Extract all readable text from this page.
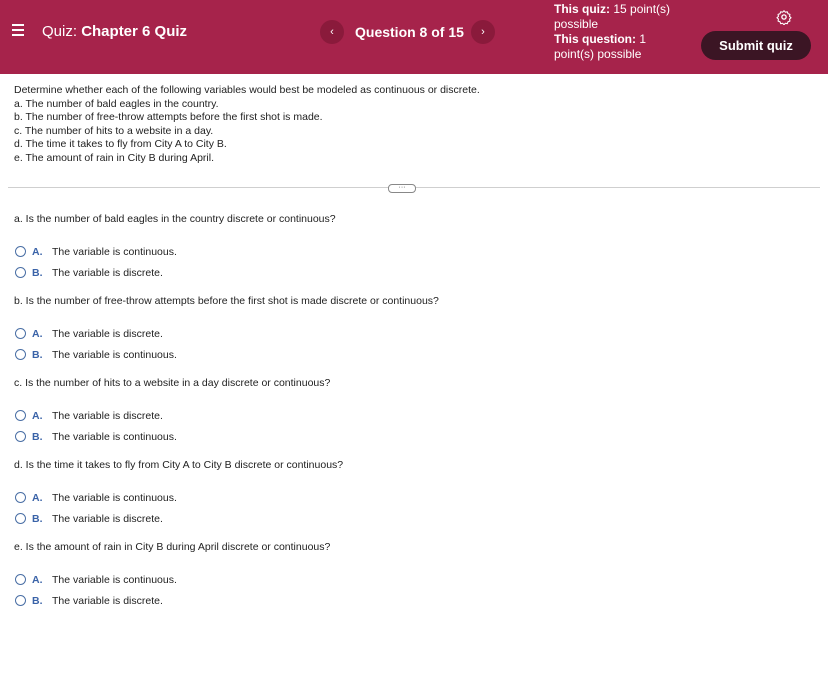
Quiz: Chapter 6 Quiz	‹	Question 8 of 15	›
This quiz: 15 point(s) possible
This question: 1 point(s) possible
Submit quiz
Determine whether each of the following variables would best be modeled as continuous or discrete.
a. The number of bald eagles in the country.
b. The number of free-throw attempts before the first shot is made.
c. The number of hits to a website in a day.
d. The time it takes to fly from City A to City B.
e. The amount of rain in City B during April.
···
a. Is the number of bald eagles in the country discrete or continuous?
A. The variable is continuous.
B. The variable is discrete.
b. Is the number of free-throw attempts before the first shot is made discrete or continuous?
A. The variable is discrete.
B. The variable is continuous.
c. Is the number of hits to a website in a day discrete or continuous?
A. The variable is discrete.
B. The variable is continuous.
d. Is the time it takes to fly from City A to City B discrete or continuous?
A. The variable is continuous.
B. The variable is discrete.
e. Is the amount of rain in City B during April discrete or continuous?
A. The variable is continuous.
B. The variable is discrete.
